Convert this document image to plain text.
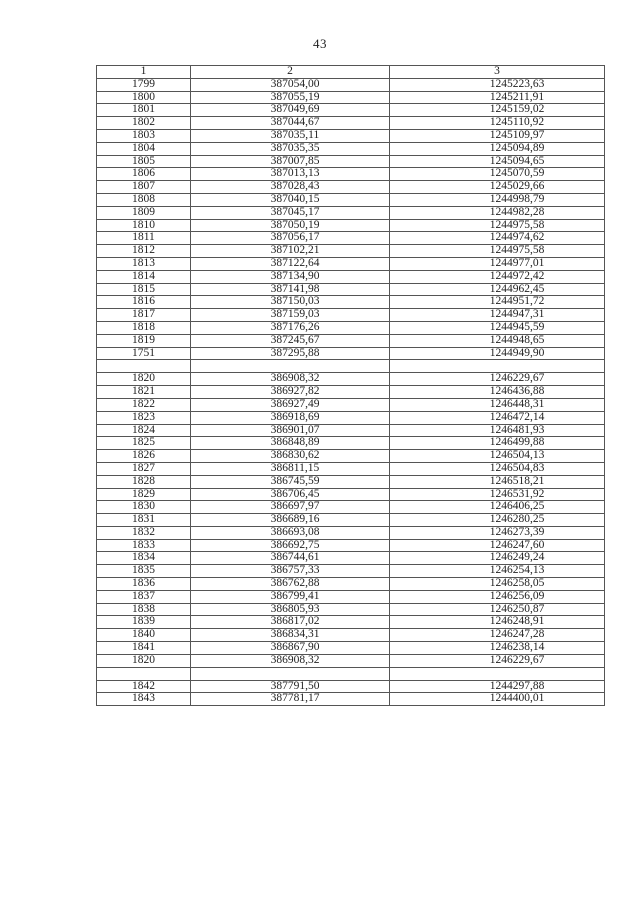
43
1	2	3
1799	387054,00	1245223,63
1800	387055,19	1245211,91
1801	387049,69	1245159,02
1802	387044,67	1245110,92
1803	387035,11	1245109,97
1804	387035,35	1245094,89
1805	387007,85	1245094,65
1806	387013,13	1245070,59
1807	387028,43	1245029,66
1808	387040,15	1244998,79
1809	387045,17	1244982,28
1810	387050,19	1244975,58
1811	387056,17	1244974,62
1812	387102,21	1244975,58
1813	387122,64	1244977,01
1814	387134,90	1244972,42
1815	387141,98	1244962,45
1816	387150,03	1244951,72
1817	387159,03	1244947,31
1818	387176,26	1244945,59
1819	387245,67	1244948,65
1751	387295,88	1244949,90

1820	386908,32	1246229,67
1821	386927,82	1246436,88
1822	386927,49	1246448,31
1823	386918,69	1246472,14
1824	386901,07	1246481,93
1825	386848,89	1246499,88
1826	386830,62	1246504,13
1827	386811,15	1246504,83
1828	386745,59	1246518,21
1829	386706,45	1246531,92
1830	386697,97	1246406,25
1831	386689,16	1246280,25
1832	386693,08	1246273,39
1833	386692,75	1246247,60
1834	386744,61	1246249,24
1835	386757,33	1246254,13
1836	386762,88	1246258,05
1837	386799,41	1246256,09
1838	386805,93	1246250,87
1839	386817,02	1246248,91
1840	386834,31	1246247,28
1841	386867,90	1246238,14
1820	386908,32	1246229,67

1842	387791,50	1244297,88
1843	387781,17	1244400,01
